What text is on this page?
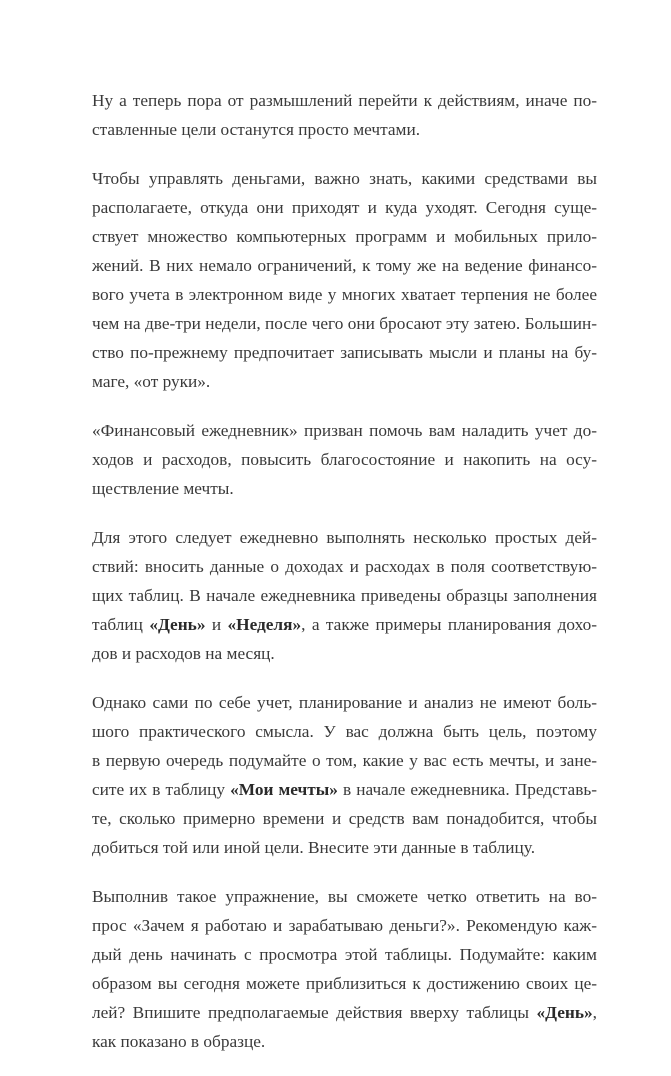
Ну а теперь пора от размышлений перейти к действиям, иначе по-
ставленные цели останутся просто мечтами.
Чтобы управлять деньгами, важно знать, какими средствами вы
располагаете, откуда они приходят и куда уходят. Сегодня суще-
ствует множество компьютерных программ и мобильных прило-
жений. В них немало ограничений, к тому же на ведение финансо-
вого учета в электронном виде у многих хватает терпения не более
чем на две-три недели, после чего они бросают эту затею. Большин-
ство по-прежнему предпочитает записывать мысли и планы на бу-
маге, «от руки».
«Финансовый ежедневник» призван помочь вам наладить учет до-
ходов и расходов, повысить благосостояние и накопить на осу-
ществление мечты.
Для этого следует ежедневно выполнять несколько простых дей-
ствий: вносить данные о доходах и расходах в поля соответствую-
щих таблиц. В начале ежедневника приведены образцы заполнения
таблиц «День» и «Неделя», а также примеры планирования дохо-
дов и расходов на месяц.
Однако сами по себе учет, планирование и анализ не имеют боль-
шого практического смысла. У вас должна быть цель, поэтому
в первую очередь подумайте о том, какие у вас есть мечты, и зане-
сите их в таблицу «Мои мечты» в начале ежедневника. Представь-
те, сколько примерно времени и средств вам понадобится, чтобы
добиться той или иной цели. Внесите эти данные в таблицу.
Выполнив такое упражнение, вы сможете четко ответить на во-
прос «Зачем я работаю и зарабатываю деньги?». Рекомендую каж-
дый день начинать с просмотра этой таблицы. Подумайте: каким
образом вы сегодня можете приблизиться к достижению своих це-
лей? Впишите предполагаемые действия вверху таблицы «День»,
как показано в образце.
